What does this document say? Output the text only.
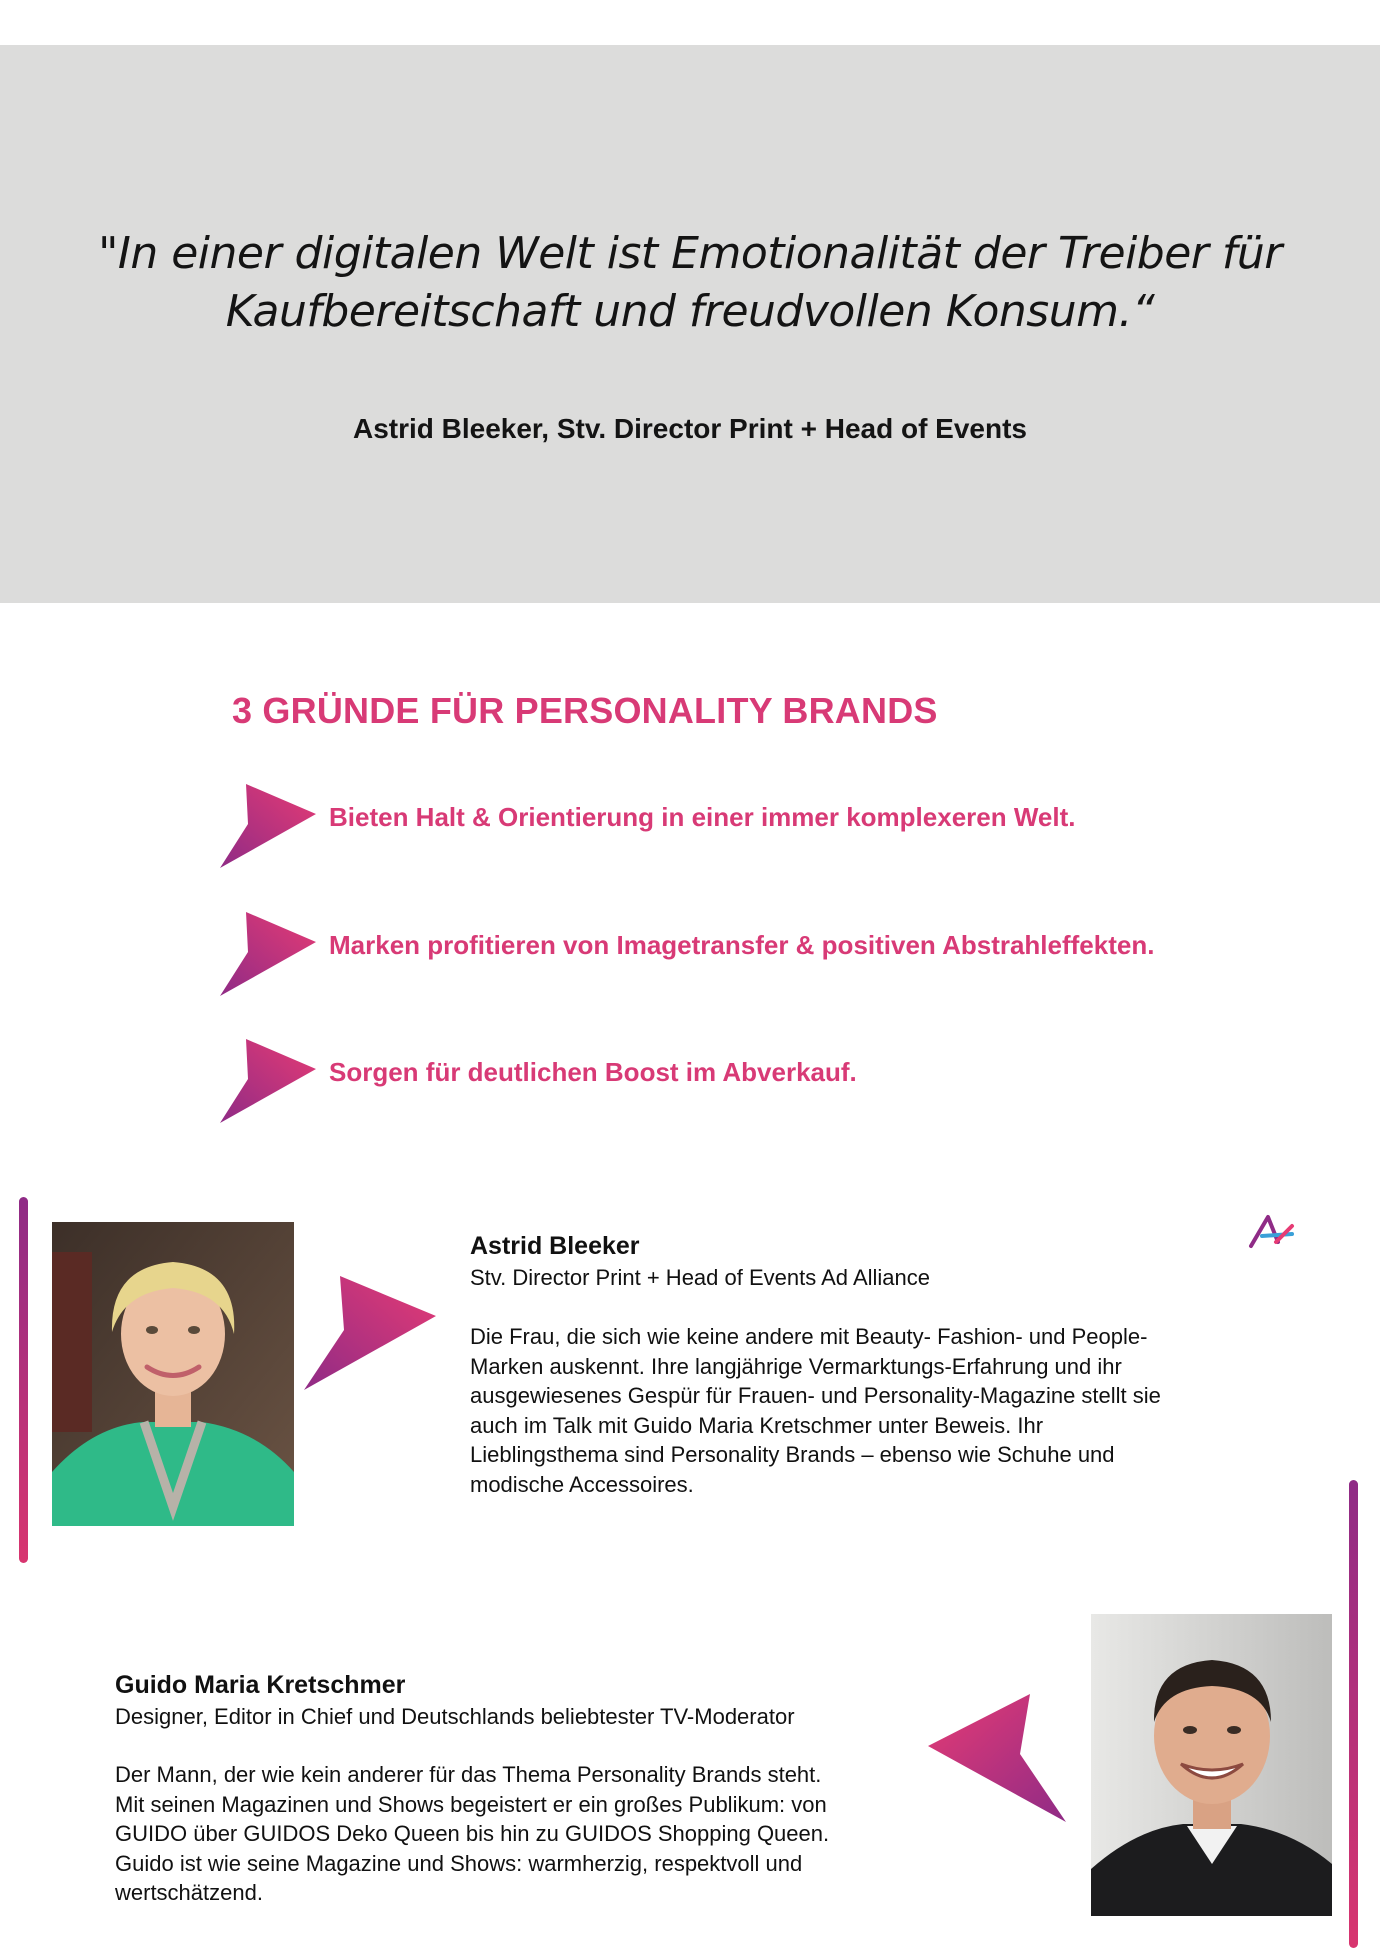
"In einer digitalen Welt ist Emotionalität der Treiber für Kaufbereitschaft und freudvollen Konsum.“

Astrid Bleeker, Stv. Director Print + Head of Events

3 GRÜNDE FÜR PERSONALITY BRANDS
Bieten Halt & Orientierung in einer immer komplexeren Welt.
Marken profitieren von Imagetransfer & positiven Abstrahleffekten.
Sorgen für deutlichen Boost im Abverkauf.
Astrid Bleeker
Stv. Director Print + Head of Events Ad Alliance
Die Frau, die sich wie keine andere mit Beauty- Fashion- und People-
Marken auskennt. Ihre langjährige Vermarktungs-Erfahrung und ihr
ausgewiesenes Gespür für Frauen- und Personality-Magazine stellt sie
auch im Talk mit Guido Maria Kretschmer unter Beweis. Ihr
Lieblingsthema sind Personality Brands – ebenso wie Schuhe und
modische Accessoires.
Guido Maria Kretschmer
Designer, Editor in Chief und Deutschlands beliebtester TV-Moderator
Der Mann, der wie kein anderer für das Thema Personality Brands steht.
Mit seinen Magazinen und Shows begeistert er ein großes Publikum: von
GUIDO über GUIDOS Deko Queen bis hin zu GUIDOS Shopping Queen.
Guido ist wie seine Magazine und Shows: warmherzig, respektvoll und
wertschätzend.
